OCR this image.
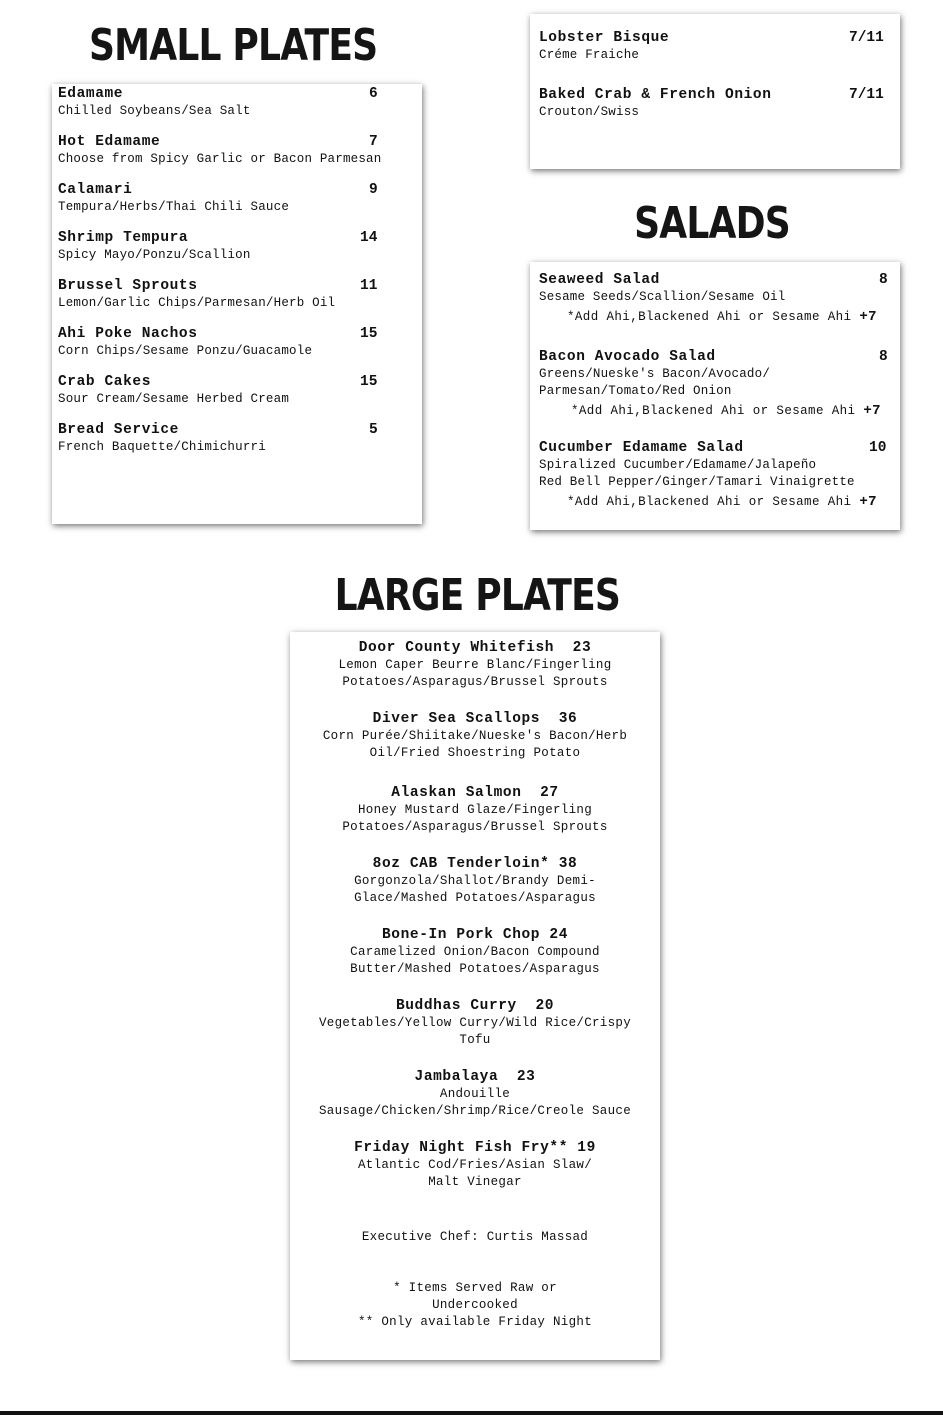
SMALL PLATES
Edamame	6
Chilled Soybeans/Sea Salt
Hot Edamame	7
Choose from Spicy Garlic or Bacon Parmesan
Calamari	9
Tempura/Herbs/Thai Chili Sauce
Shrimp Tempura	14
Spicy Mayo/Ponzu/Scallion
Brussel Sprouts	11
Lemon/Garlic Chips/Parmesan/Herb Oil
Ahi Poke Nachos	15
Corn Chips/Sesame Ponzu/Guacamole
Crab Cakes	15
Sour Cream/Sesame Herbed Cream
Bread Service	5
French Baquette/Chimichurri
Lobster Bisque	7/11
Créme Fraiche
Baked Crab & French Onion	7/11
Crouton/Swiss
SALADS
Seaweed Salad	8
Sesame Seeds/Scallion/Sesame Oil
*Add Ahi,Blackened Ahi or Sesame Ahi +7
Bacon Avocado Salad	8
Greens/Nueske's Bacon/Avocado/
Parmesan/Tomato/Red Onion
*Add Ahi,Blackened Ahi or Sesame Ahi +7
Cucumber Edamame Salad	10
Spiralized Cucumber/Edamame/Jalapeño
Red Bell Pepper/Ginger/Tamari Vinaigrette
*Add Ahi,Blackened Ahi or Sesame Ahi +7
LARGE PLATES
Door County Whitefish  23
Lemon Caper Beurre Blanc/Fingerling
Potatoes/Asparagus/Brussel Sprouts
Diver Sea Scallops  36
Corn Purée/Shiitake/Nueske's Bacon/Herb
Oil/Fried Shoestring Potato
Alaskan Salmon  27
Honey Mustard Glaze/Fingerling
Potatoes/Asparagus/Brussel Sprouts
8oz CAB Tenderloin* 38
Gorgonzola/Shallot/Brandy Demi-
Glace/Mashed Potatoes/Asparagus
Bone-In Pork Chop 24
Caramelized Onion/Bacon Compound
Butter/Mashed Potatoes/Asparagus
Buddhas Curry  20
Vegetables/Yellow Curry/Wild Rice/Crispy
Tofu
Jambalaya  23
Andouille
Sausage/Chicken/Shrimp/Rice/Creole Sauce
Friday Night Fish Fry** 19
Atlantic Cod/Fries/Asian Slaw/
Malt Vinegar
Executive Chef: Curtis Massad
* Items Served Raw or
Undercooked
** Only available Friday Night
